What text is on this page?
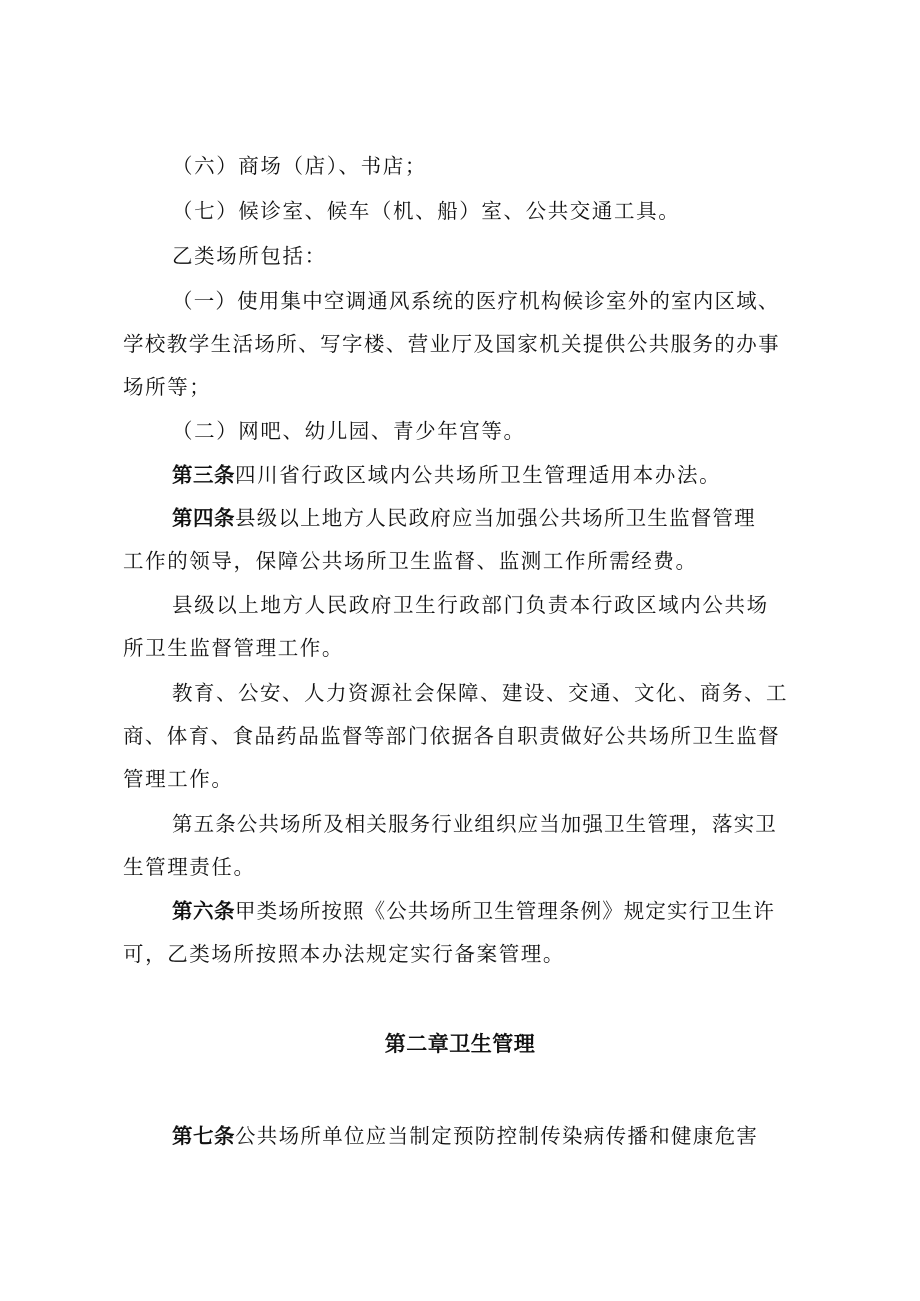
（六）商场（店）、书店；
（七）候诊室、候车（机、船）室、公共交通工具。
乙类场所包括：
（一）使用集中空调通风系统的医疗机构候诊室外的室内区域、
学校教学生活场所、写字楼、营业厅及国家机关提供公共服务的办事
场所等；
（二）网吧、幼儿园、青少年宫等。
第三条四川省行政区域内公共场所卫生管理适用本办法。
第四条县级以上地方人民政府应当加强公共场所卫生监督管理
工作的领导，保障公共场所卫生监督、监测工作所需经费。
县级以上地方人民政府卫生行政部门负责本行政区域内公共场
所卫生监督管理工作。
教育、公安、人力资源社会保障、建设、交通、文化、商务、工
商、体育、食品药品监督等部门依据各自职责做好公共场所卫生监督
管理工作。
第五条公共场所及相关服务行业组织应当加强卫生管理，落实卫
生管理责任。
第六条甲类场所按照《公共场所卫生管理条例》规定实行卫生许
可，乙类场所按照本办法规定实行备案管理。
第二章卫生管理
第七条公共场所单位应当制定预防控制传染病传播和健康危害
